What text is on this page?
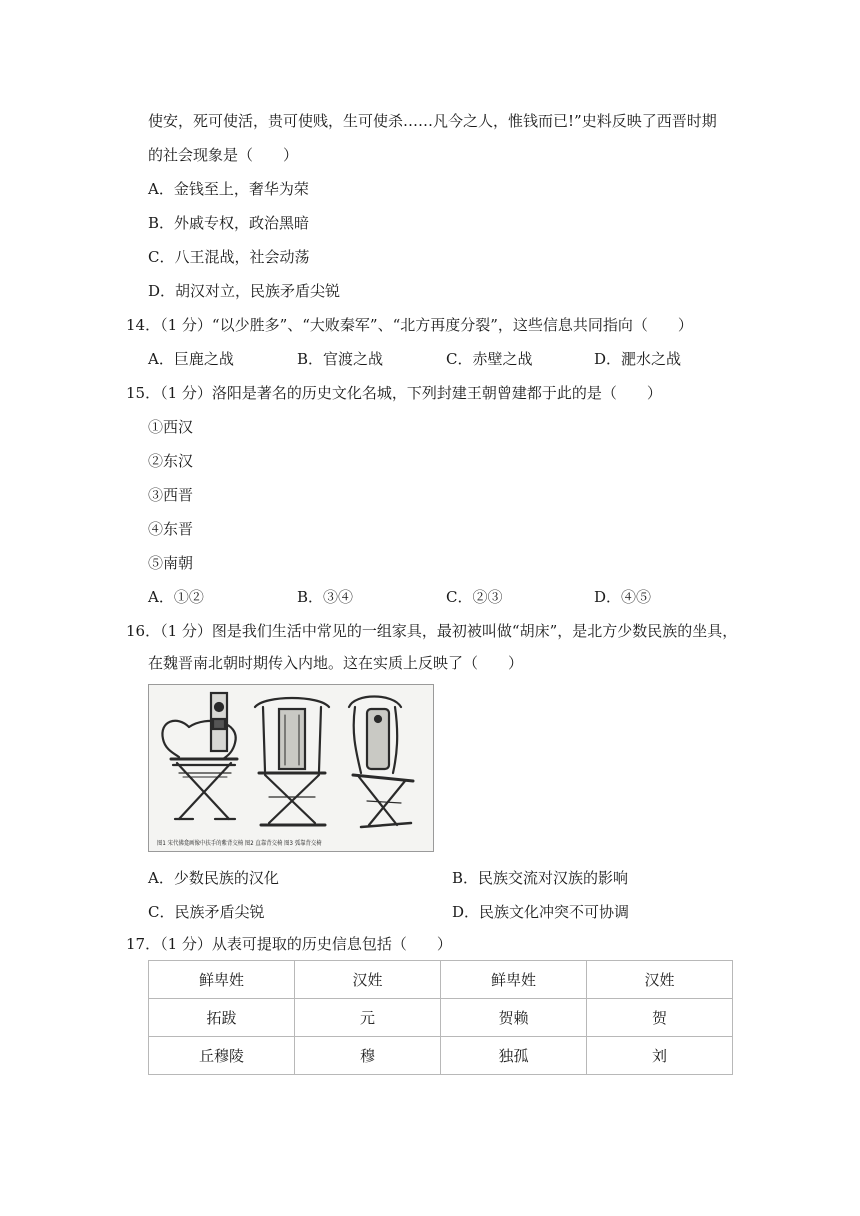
使安，死可使活，贵可使贱，生可使杀……凡今之人，惟钱而已!”史料反映了西晋时期
的社会现象是（　　）
A．金钱至上，奢华为荣
B．外戚专权，政治黑暗
C．八王混战，社会动荡
D．胡汉对立，民族矛盾尖锐
14．（1 分）“以少胜多”、“大败秦军”、“北方再度分裂”，这些信息共同指向（　　）
A．巨鹿之战	B．官渡之战	C．赤壁之战	D．淝水之战
15．（1 分）洛阳是著名的历史文化名城，下列封建王朝曾建都于此的是（　　）
①西汉
②东汉
③西晋
④东晋
⑤南朝
A．①②	B．③④	C．②③	D．④⑤
16．（1 分）图是我们生活中常见的一组家具，最初被叫做“胡床”，是北方少数民族的坐具，
在魏晋南北朝时期传入内地。这在实质上反映了（　　）
图1 宋代佛龛画像中扶手的紫背交椅 图2 直靠背交椅 图3 弧靠背交椅
A．少数民族的汉化	B．民族交流对汉族的影响
C．民族矛盾尖锐	D．民族文化冲突不可协调
17．（1 分）从表可提取的历史信息包括（　　）
鲜卑姓	汉姓	鲜卑姓	汉姓
拓跋	元	贺赖	贺
丘穆陵	穆	独孤	刘
